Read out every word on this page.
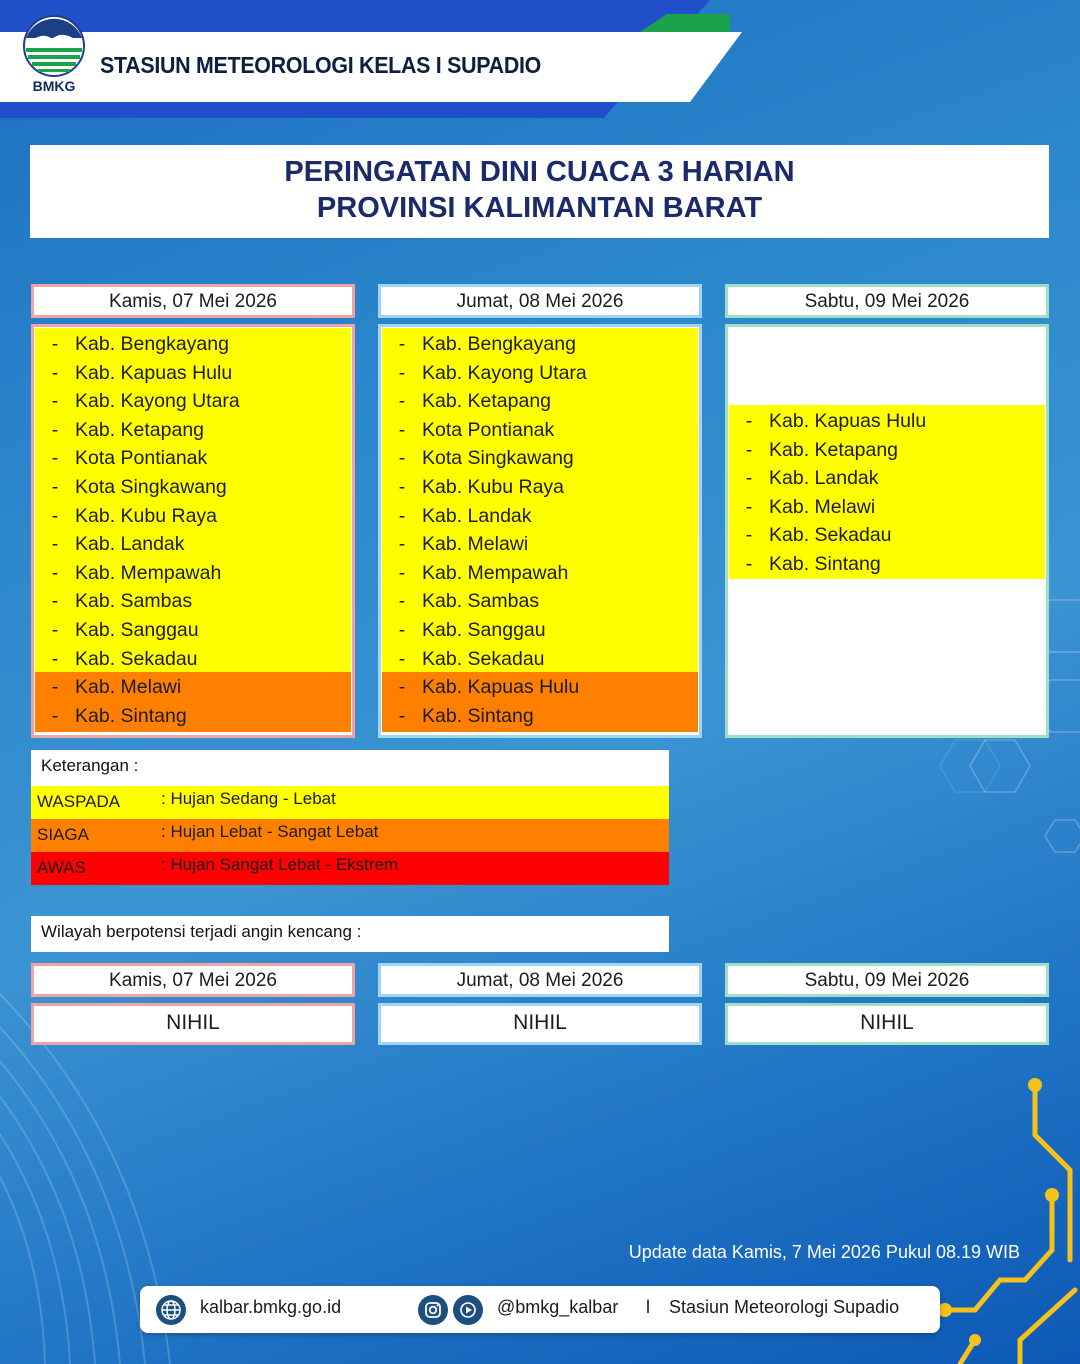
BMKG
STASIUN METEOROLOGI KELAS I SUPADIO
PERINGATAN DINI CUACA 3 HARIAN
PROVINSI KALIMANTAN BARAT
Kamis, 07 Mei 2026
- Kab. Bengkayang
- Kab. Kapuas Hulu
- Kab. Kayong Utara
- Kab. Ketapang
- Kota Pontianak
- Kota Singkawang
- Kab. Kubu Raya
- Kab. Landak
- Kab. Mempawah
- Kab. Sambas
- Kab. Sanggau
- Kab. Sekadau
- Kab. Melawi
- Kab. Sintang
Jumat, 08 Mei 2026
- Kab. Bengkayang
- Kab. Kayong Utara
- Kab. Ketapang
- Kota Pontianak
- Kota Singkawang
- Kab. Kubu Raya
- Kab. Landak
- Kab. Melawi
- Kab. Mempawah
- Kab. Sambas
- Kab. Sanggau
- Kab. Sekadau
- Kab. Kapuas Hulu
- Kab. Sintang
Sabtu, 09 Mei 2026
- Kab. Kapuas Hulu
- Kab. Ketapang
- Kab. Landak
- Kab. Melawi
- Kab. Sekadau
- Kab. Sintang
Keterangan :
WASPADA : Hujan Sedang - Lebat
SIAGA	: Hujan Lebat - Sangat Lebat
AWAS	: Hujan Sangat Lebat - Ekstrem
Wilayah berpotensi terjadi angin kencang :
Kamis, 07 Mei 2026	Jumat, 08 Mei 2026	Sabtu, 09 Mei 2026
NIHIL	NIHIL	NIHIL
Update data Kamis, 7 Mei 2026 Pukul 08.19 WIB
kalbar.bmkg.go.id	@bmkg_kalbar l Stasiun Meteorologi Supadio
